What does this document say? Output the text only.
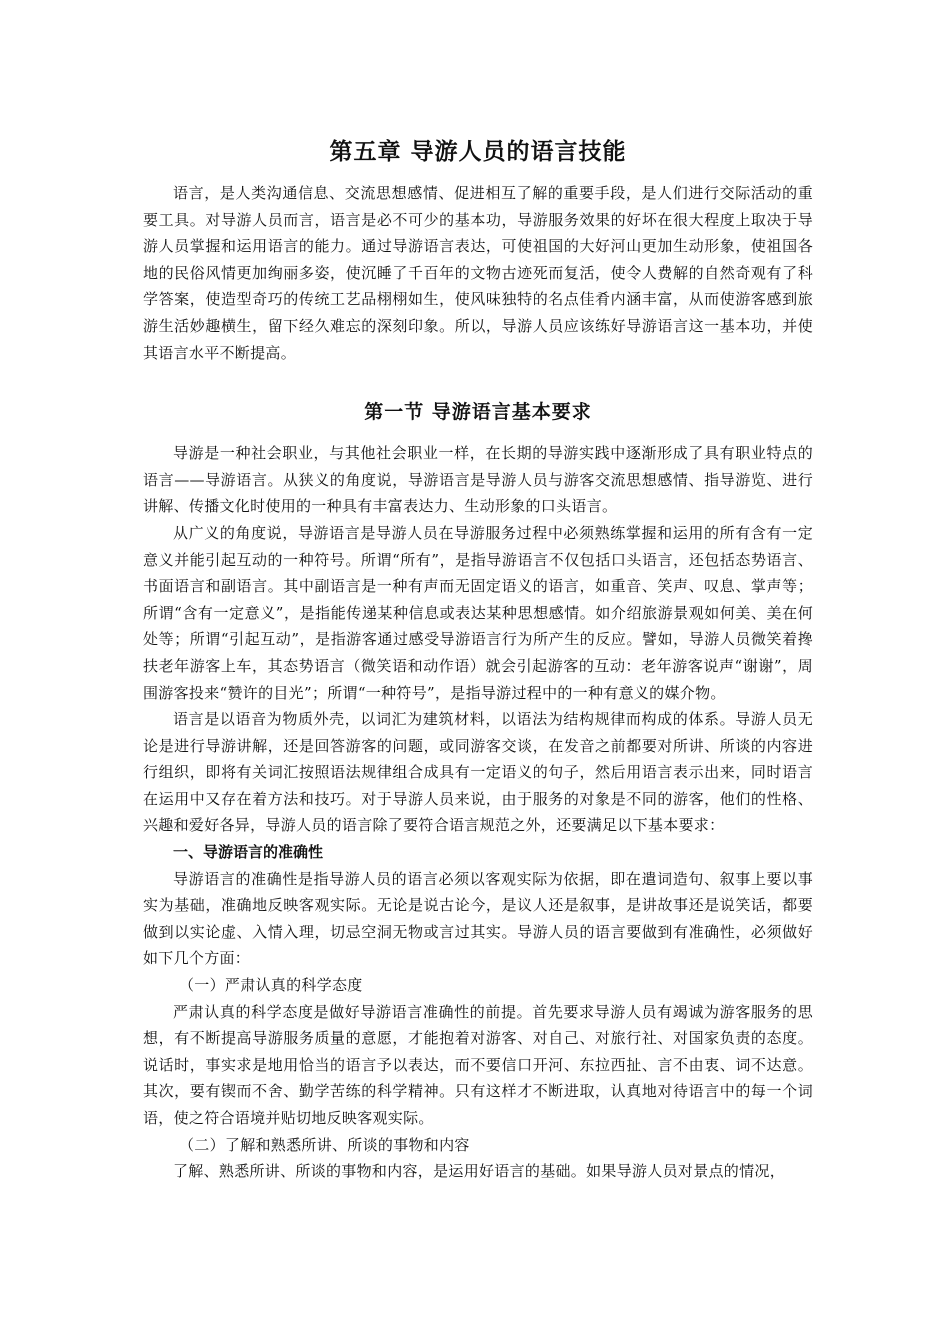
第五章 导游人员的语言技能

语言，是人类沟通信息、交流思想感情、促进相互了解的重要手段，是人们进行交际活动的重要工具。对导游人员而言，语言是必不可少的基本功，导游服务效果的好坏在很大程度上取决于导游人员掌握和运用语言的能力。通过导游语言表达，可使祖国的大好河山更加生动形象，使祖国各地的民俗风情更加绚丽多姿，使沉睡了千百年的文物古迹死而复活，使令人费解的自然奇观有了科学答案，使造型奇巧的传统工艺品栩栩如生，使风味独特的名点佳肴内涵丰富，从而使游客感到旅游生活妙趣横生，留下经久难忘的深刻印象。所以，导游人员应该练好导游语言这一基本功，并使其语言水平不断提高。

第一节 导游语言基本要求

导游是一种社会职业，与其他社会职业一样，在长期的导游实践中逐渐形成了具有职业特点的语言——导游语言。从狭义的角度说，导游语言是导游人员与游客交流思想感情、指导游览、进行讲解、传播文化时使用的一种具有丰富表达力、生动形象的口头语言。

从广义的角度说，导游语言是导游人员在导游服务过程中必须熟练掌握和运用的所有含有一定意义并能引起互动的一种符号。所谓“所有”，是指导游语言不仅包括口头语言，还包括态势语言、书面语言和副语言。其中副语言是一种有声而无固定语义的语言，如重音、笑声、叹息、掌声等；所谓“含有一定意义”，是指能传递某种信息或表达某种思想感情。如介绍旅游景观如何美、美在何处等；所谓“引起互动”，是指游客通过感受导游语言行为所产生的反应。譬如，导游人员微笑着搀扶老年游客上车，其态势语言（微笑语和动作语）就会引起游客的互动：老年游客说声“谢谢”，周围游客投来“赞许的目光”；所谓“一种符号”，是指导游过程中的一种有意义的媒介物。

语言是以语音为物质外壳，以词汇为建筑材料，以语法为结构规律而构成的体系。导游人员无论是进行导游讲解，还是回答游客的问题，或同游客交谈，在发音之前都要对所讲、所谈的内容进行组织，即将有关词汇按照语法规律组合成具有一定语义的句子，然后用语言表示出来，同时语言在运用中又存在着方法和技巧。对于导游人员来说，由于服务的对象是不同的游客，他们的性格、兴趣和爱好各异，导游人员的语言除了要符合语言规范之外，还要满足以下基本要求：

一、导游语言的准确性

导游语言的准确性是指导游人员的语言必须以客观实际为依据，即在遣词造句、叙事上要以事实为基础，准确地反映客观实际。无论是说古论今，是议人还是叙事，是讲故事还是说笑话，都要做到以实论虚、入情入理，切忌空洞无物或言过其实。导游人员的语言要做到有准确性，必须做好如下几个方面：

（一）严肃认真的科学态度

严肃认真的科学态度是做好导游语言准确性的前提。首先要求导游人员有竭诚为游客服务的思想，有不断提高导游服务质量的意愿，才能抱着对游客、对自己、对旅行社、对国家负责的态度。说话时，事实求是地用恰当的语言予以表达，而不要信口开河、东拉西扯、言不由衷、词不达意。其次，要有锲而不舍、勤学苦练的科学精神。只有这样才不断进取，认真地对待语言中的每一个词语，使之符合语境并贴切地反映客观实际。

（二）了解和熟悉所讲、所谈的事物和内容

了解、熟悉所讲、所谈的事物和内容，是运用好语言的基础。如果导游人员对景点的情况，
